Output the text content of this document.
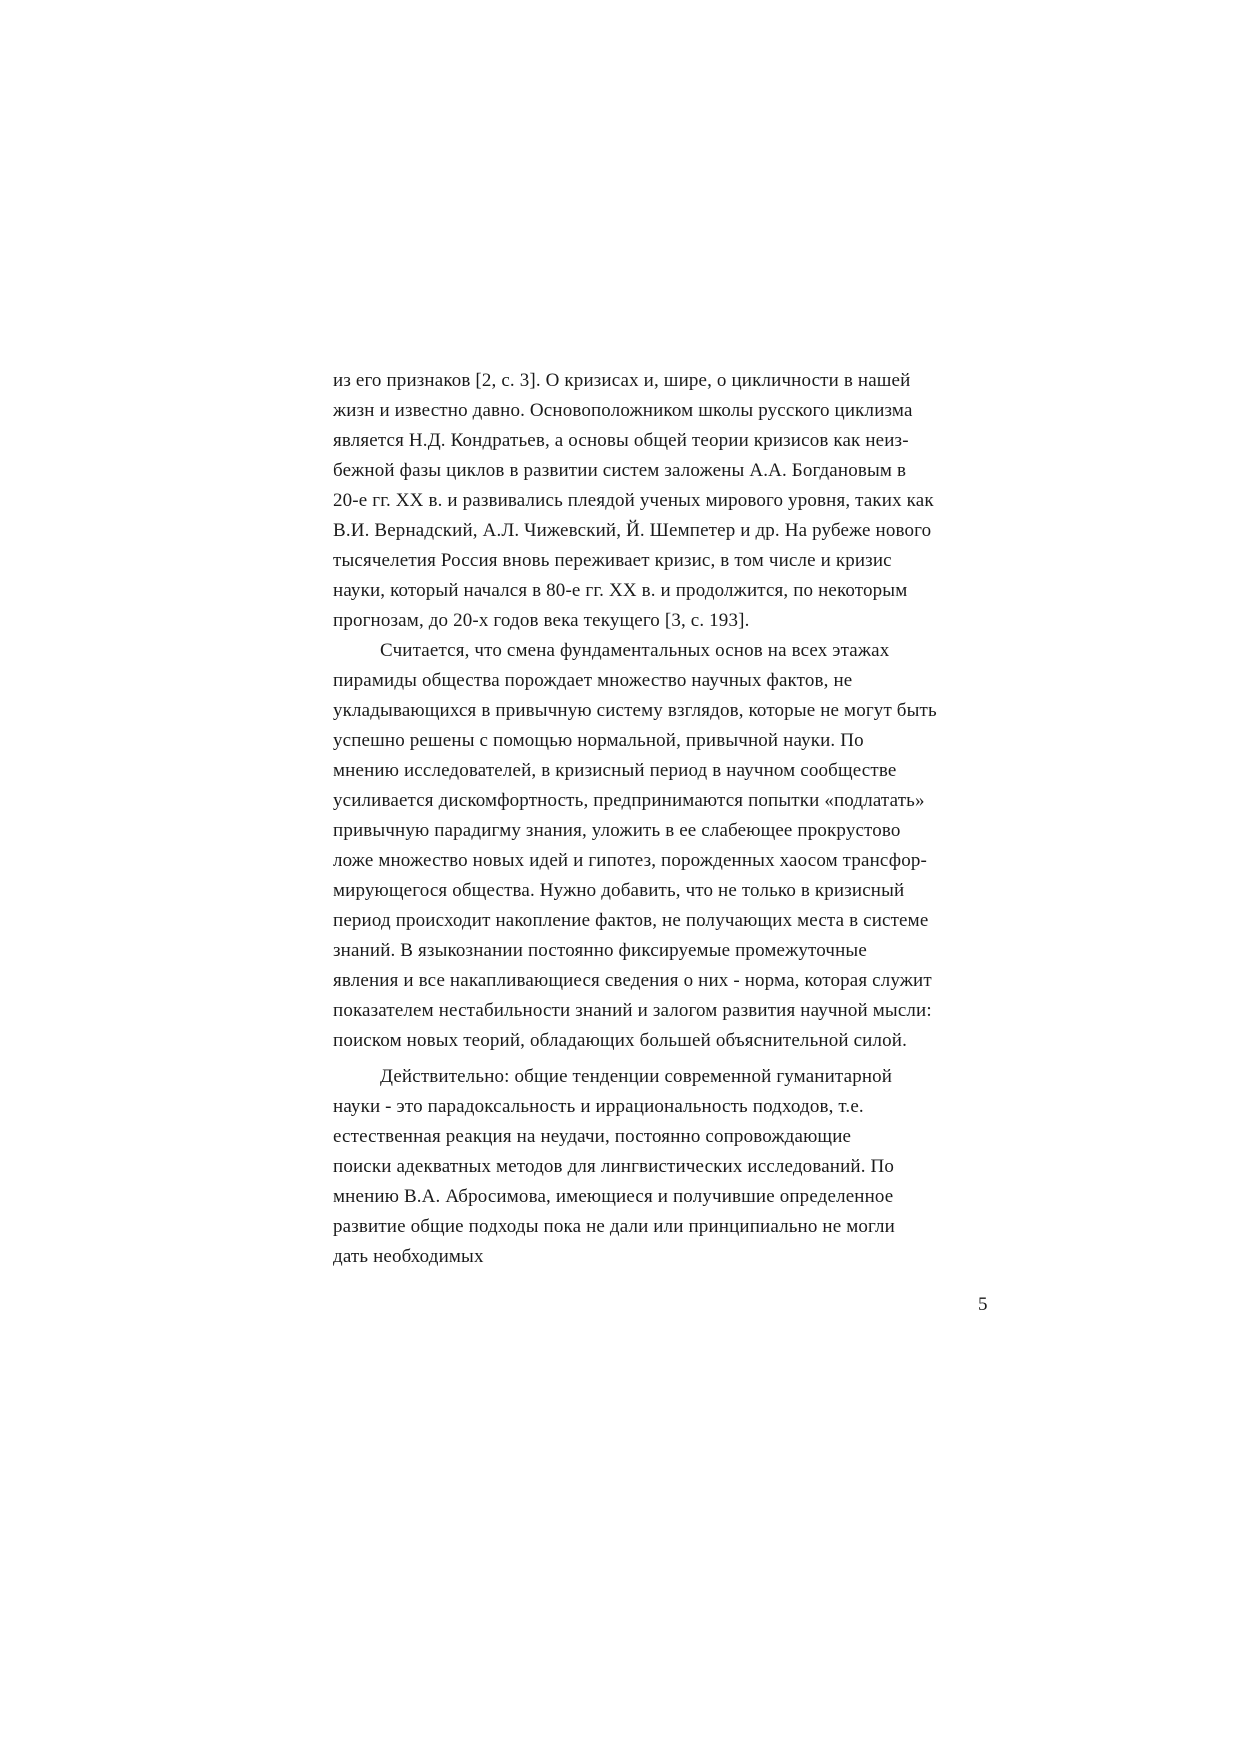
из его признаков [2, с. 3]. О кризисах и, шире, о цикличности в нашей
жизн и известно давно. Основоположником школы русского циклизма
является Н.Д. Кондратьев, а основы общей теории кризисов как неиз-
бежной фазы циклов в развитии систем заложены А.А. Богдановым в
20-е гг. XX в. и развивались плеядой ученых мирового уровня, таких как
В.И. Вернадский, А.Л. Чижевский, Й. Шемпетер и др. На рубеже нового
тысячелетия Россия вновь переживает кризис, в том числе и кризис
науки, который начался в 80-е гг. XX в. и продолжится, по некоторым
прогнозам, до 20-х годов века текущего [3, с. 193].
Считается, что смена фундаментальных основ на всех этажах
пирамиды общества порождает множество научных фактов, не
укладывающихся в привычную систему взглядов, которые не могут быть
успешно решены с помощью нормальной, привычной науки. По
мнению исследователей, в кризисный период в научном сообществе
усиливается дискомфортность, предпринимаются попытки «подлатать»
привычную парадигму знания, уложить в ее слабеющее прокрустово
ложе множество новых идей и гипотез, порожденных хаосом трансфор-
мирующегося общества. Нужно добавить, что не только в кризисный
период происходит накопление фактов, не получающих места в системе
знаний. В языкознании постоянно фиксируемые промежуточные
явления и все накапливающиеся сведения о них - норма, которая служит
показателем нестабильности знаний и залогом развития научной мысли:
поиском новых теорий, обладающих большей объяснительной силой.
Действительно: общие тенденции современной гуманитарной
науки - это парадоксальность и иррациональность подходов, т.е.
естественная реакция на неудачи, постоянно сопровождающие
поиски адекватных методов для лингвистических исследований. По
мнению В.А. Абросимова, имеющиеся и получившие определенное
развитие общие подходы пока не дали или принципиально не могли
дать необходимых
5
